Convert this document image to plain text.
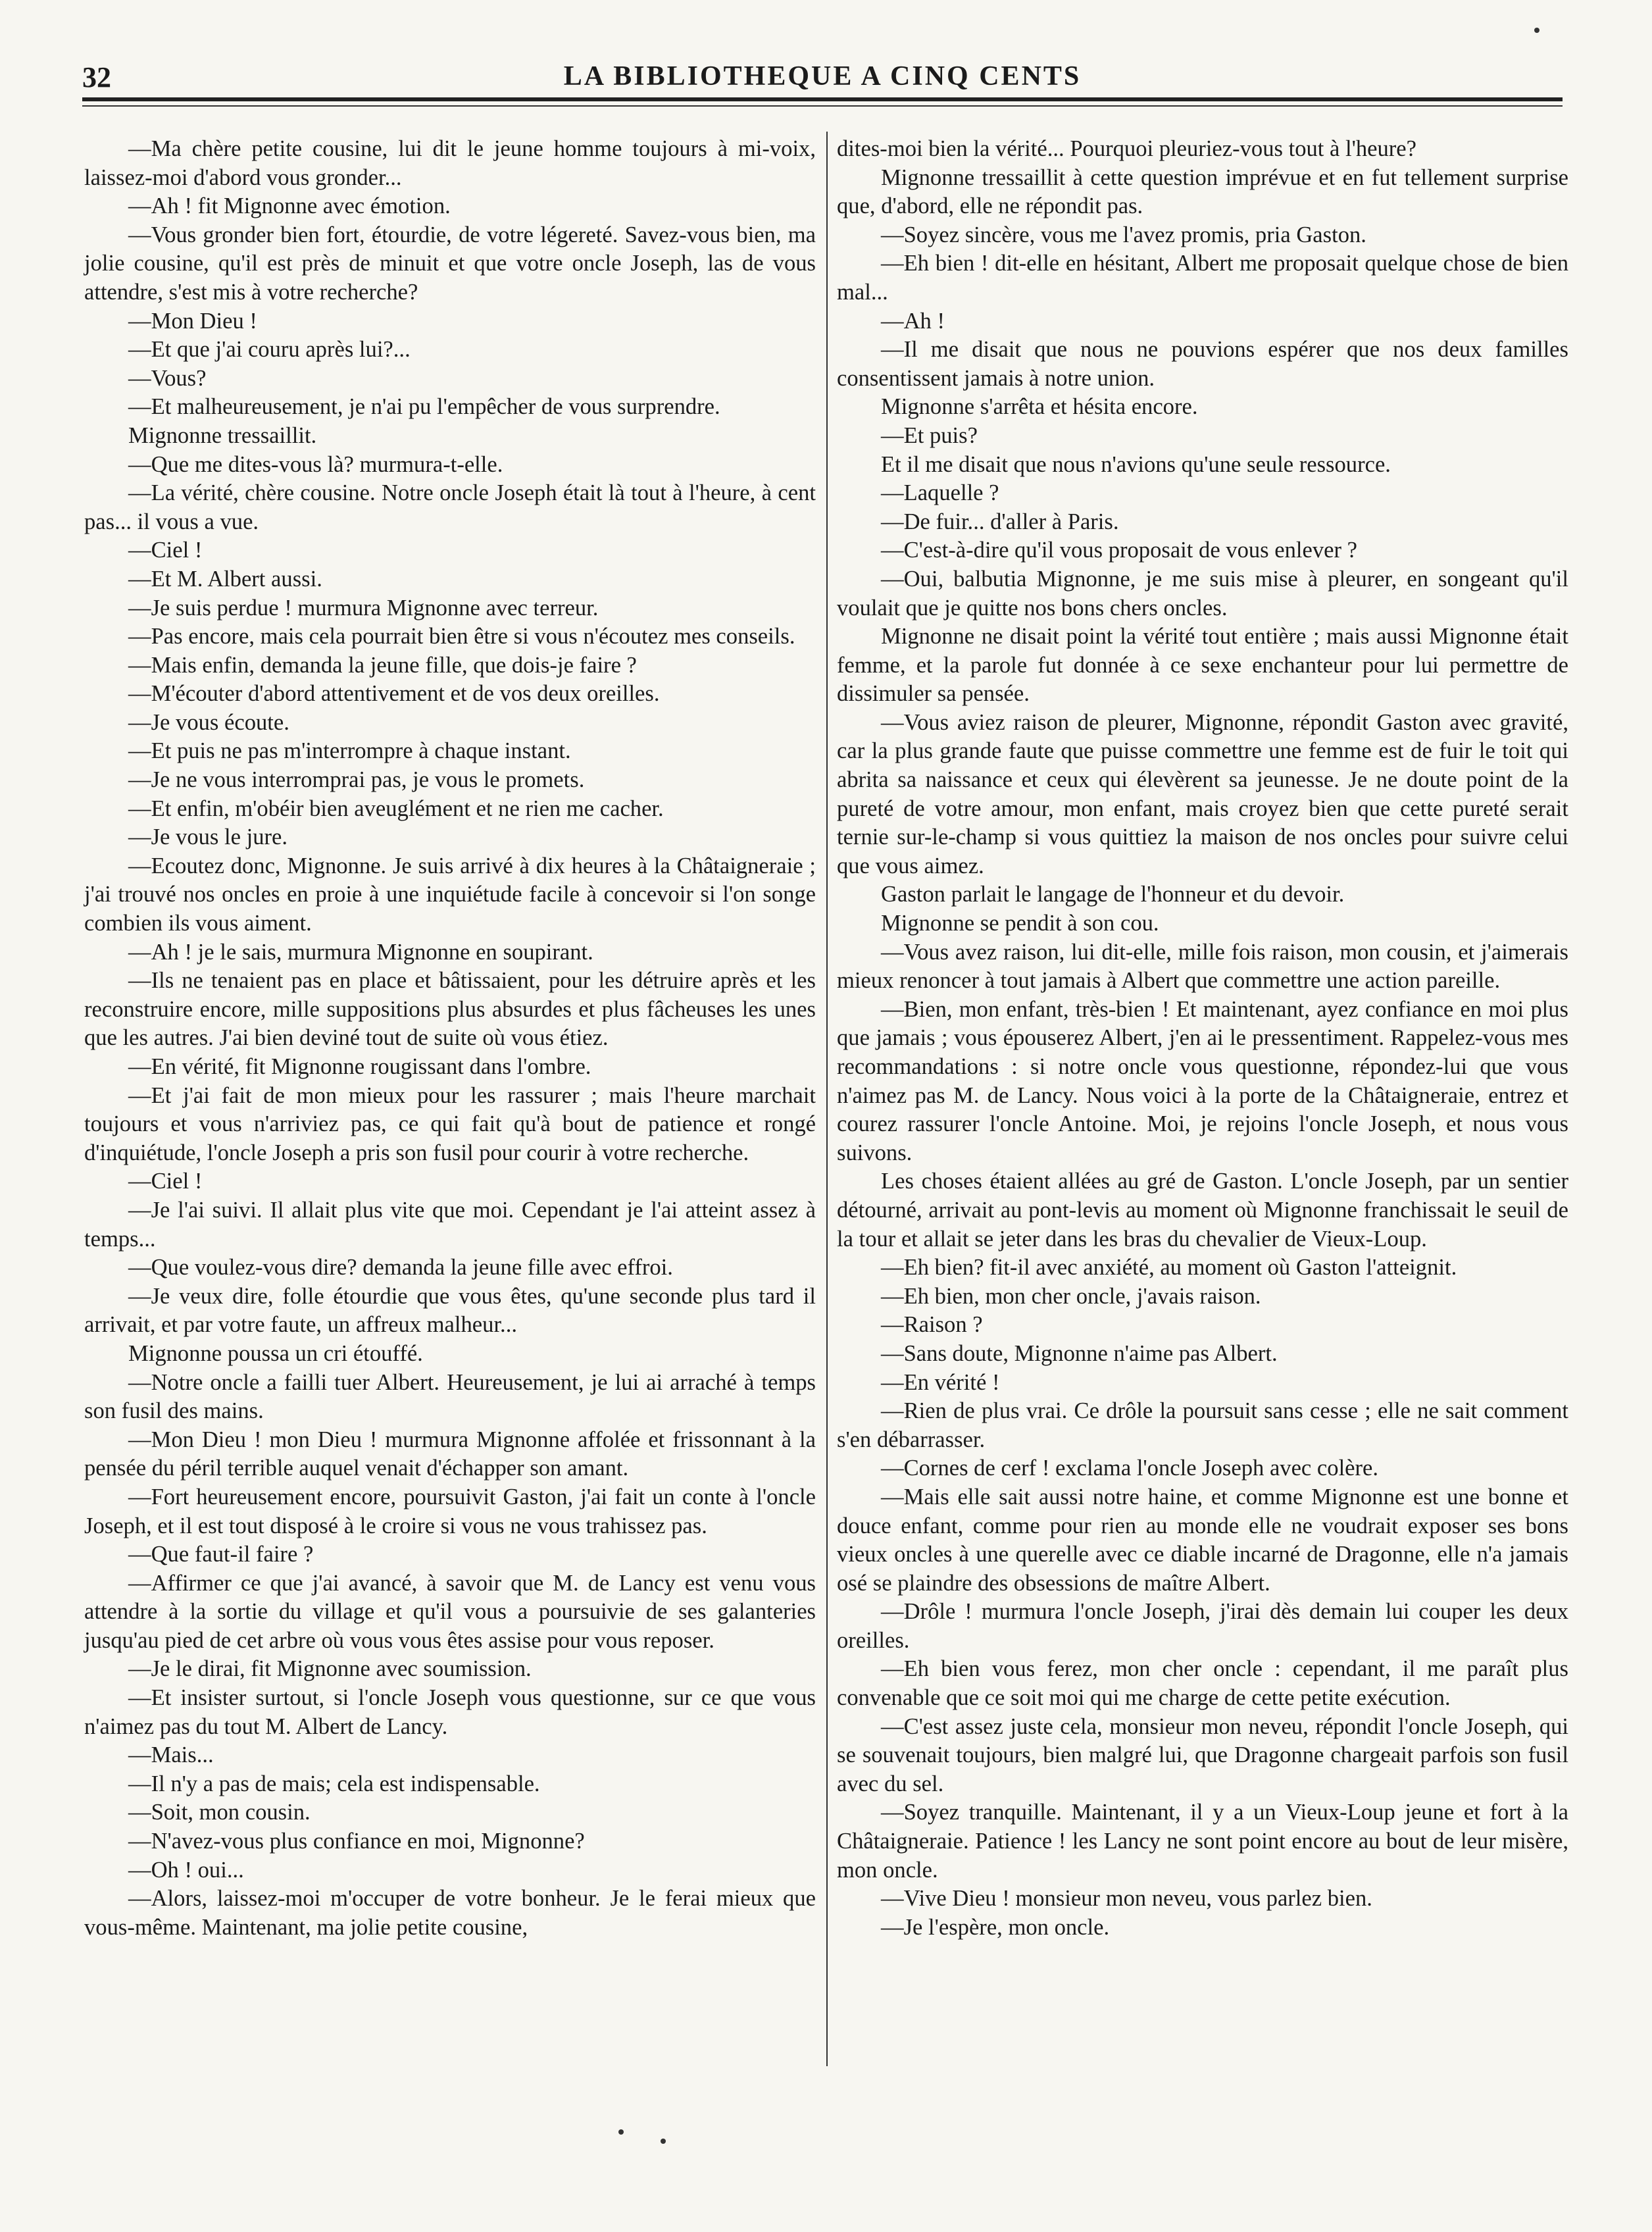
32	LA BIBLIOTHEQUE A CINQ CENTS

—Ma chère petite cousine, lui dit le jeune homme toujours à mi-voix, laissez-moi d'abord vous gronder...

—Ah ! fit Mignonne avec émotion.

—Vous gronder bien fort, étourdie, de votre légereté. Savez-vous bien, ma jolie cousine, qu'il est près de minuit et que votre oncle Joseph, las de vous attendre, s'est mis à votre recherche?

—Mon Dieu !

—Et que j'ai couru après lui?...

—Vous?

—Et malheureusement, je n'ai pu l'empêcher de vous surprendre.

Mignonne tressaillit.

—Que me dites-vous là? murmura-t-elle.

—La vérité, chère cousine. Notre oncle Joseph était là tout à l'heure, à cent pas... il vous a vue.

—Ciel !

—Et M. Albert aussi.

—Je suis perdue ! murmura Mignonne avec terreur.

—Pas encore, mais cela pourrait bien être si vous n'écoutez mes conseils.

—Mais enfin, demanda la jeune fille, que dois-je faire ?

—M'écouter d'abord attentivement et de vos deux oreilles.

—Je vous écoute.

—Et puis ne pas m'interrompre à chaque instant.

—Je ne vous interromprai pas, je vous le promets.

—Et enfin, m'obéir bien aveuglément et ne rien me cacher.

—Je vous le jure.

—Ecoutez donc, Mignonne. Je suis arrivé à dix heures à la Châtaigneraie ; j'ai trouvé nos oncles en proie à une inquiétude facile à concevoir si l'on songe combien ils vous aiment.

—Ah ! je le sais, murmura Mignonne en soupirant.

—Ils ne tenaient pas en place et bâtissaient, pour les détruire après et les reconstruire encore, mille suppositions plus absurdes et plus fâcheuses les unes que les autres. J'ai bien deviné tout de suite où vous étiez.

—En vérité, fit Mignonne rougissant dans l'ombre.

—Et j'ai fait de mon mieux pour les rassurer ; mais l'heure marchait toujours et vous n'arriviez pas, ce qui fait qu'à bout de patience et rongé d'inquiétude, l'oncle Joseph a pris son fusil pour courir à votre recherche.

—Ciel !

—Je l'ai suivi. Il allait plus vite que moi. Cependant je l'ai atteint assez à temps...

—Que voulez-vous dire? demanda la jeune fille avec effroi.

—Je veux dire, folle étourdie que vous êtes, qu'une seconde plus tard il arrivait, et par votre faute, un affreux malheur...

Mignonne poussa un cri étouffé.

—Notre oncle a failli tuer Albert. Heureusement, je lui ai arraché à temps son fusil des mains.

—Mon Dieu ! mon Dieu ! murmura Mignonne affolée et frissonnant à la pensée du péril terrible auquel venait d'échapper son amant.

—Fort heureusement encore, poursuivit Gaston, j'ai fait un conte à l'oncle Joseph, et il est tout disposé à le croire si vous ne vous trahissez pas.

—Que faut-il faire ?

—Affirmer ce que j'ai avancé, à savoir que M. de Lancy est venu vous attendre à la sortie du village et qu'il vous a poursuivie de ses galanteries jusqu'au pied de cet arbre où vous vous êtes assise pour vous reposer.

—Je le dirai, fit Mignonne avec soumission.

—Et insister surtout, si l'oncle Joseph vous questionne, sur ce que vous n'aimez pas du tout M. Albert de Lancy.

—Mais...

—Il n'y a pas de mais; cela est indispensable.

—Soit, mon cousin.

—N'avez-vous plus confiance en moi, Mignonne?

—Oh ! oui...

—Alors, laissez-moi m'occuper de votre bonheur. Je le ferai mieux que vous-même. Maintenant, ma jolie petite cousine,

dites-moi bien la vérité... Pourquoi pleuriez-vous tout à l'heure?

Mignonne tressaillit à cette question imprévue et en fut tellement surprise que, d'abord, elle ne répondit pas.

—Soyez sincère, vous me l'avez promis, pria Gaston.

—Eh bien ! dit-elle en hésitant, Albert me proposait quelque chose de bien mal...

—Ah !

—Il me disait que nous ne pouvions espérer que nos deux familles consentissent jamais à notre union.

Mignonne s'arrêta et hésita encore.

—Et puis?

Et il me disait que nous n'avions qu'une seule ressource.

—Laquelle ?

—De fuir... d'aller à Paris.

—C'est-à-dire qu'il vous proposait de vous enlever ?

—Oui, balbutia Mignonne, je me suis mise à pleurer, en songeant qu'il voulait que je quitte nos bons chers oncles.

Mignonne ne disait point la vérité tout entière ; mais aussi Mignonne était femme, et la parole fut donnée à ce sexe enchanteur pour lui permettre de dissimuler sa pensée.

—Vous aviez raison de pleurer, Mignonne, répondit Gaston avec gravité, car la plus grande faute que puisse commettre une femme est de fuir le toit qui abrita sa naissance et ceux qui élevèrent sa jeunesse. Je ne doute point de la pureté de votre amour, mon enfant, mais croyez bien que cette pureté serait ternie sur-le-champ si vous quittiez la maison de nos oncles pour suivre celui que vous aimez.

Gaston parlait le langage de l'honneur et du devoir.

Mignonne se pendit à son cou.

—Vous avez raison, lui dit-elle, mille fois raison, mon cousin, et j'aimerais mieux renoncer à tout jamais à Albert que commettre une action pareille.

—Bien, mon enfant, très-bien ! Et maintenant, ayez confiance en moi plus que jamais ; vous épouserez Albert, j'en ai le pressentiment. Rappelez-vous mes recommandations : si notre oncle vous questionne, répondez-lui que vous n'aimez pas M. de Lancy. Nous voici à la porte de la Châtaigneraie, entrez et courez rassurer l'oncle Antoine. Moi, je rejoins l'oncle Joseph, et nous vous suivons.

Les choses étaient allées au gré de Gaston. L'oncle Joseph, par un sentier détourné, arrivait au pont-levis au moment où Mignonne franchissait le seuil de la tour et allait se jeter dans les bras du chevalier de Vieux-Loup.

—Eh bien? fit-il avec anxiété, au moment où Gaston l'atteignit.

—Eh bien, mon cher oncle, j'avais raison.

—Raison ?

—Sans doute, Mignonne n'aime pas Albert.

—En vérité !

—Rien de plus vrai. Ce drôle la poursuit sans cesse ; elle ne sait comment s'en débarrasser.

—Cornes de cerf ! exclama l'oncle Joseph avec colère.

—Mais elle sait aussi notre haine, et comme Mignonne est une bonne et douce enfant, comme pour rien au monde elle ne voudrait exposer ses bons vieux oncles à une querelle avec ce diable incarné de Dragonne, elle n'a jamais osé se plaindre des obsessions de maître Albert.

—Drôle ! murmura l'oncle Joseph, j'irai dès demain lui couper les deux oreilles.

—Eh bien vous ferez, mon cher oncle : cependant, il me paraît plus convenable que ce soit moi qui me charge de cette petite exécution.

—C'est assez juste cela, monsieur mon neveu, répondit l'oncle Joseph, qui se souvenait toujours, bien malgré lui, que Dragonne chargeait parfois son fusil avec du sel.

—Soyez tranquille. Maintenant, il y a un Vieux-Loup jeune et fort à la Châtaigneraie. Patience ! les Lancy ne sont point encore au bout de leur misère, mon oncle.

—Vive Dieu ! monsieur mon neveu, vous parlez bien.

—Je l'espère, mon oncle.
